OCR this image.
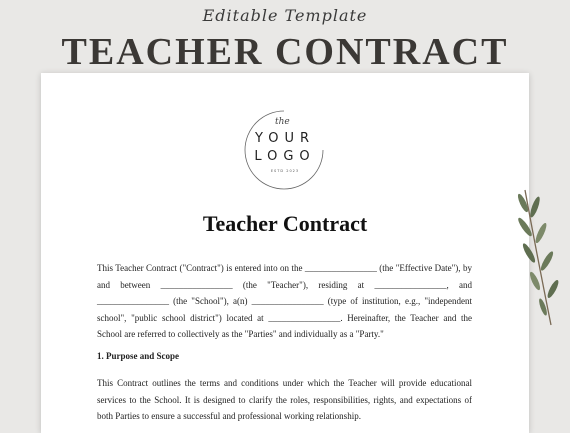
Editable Template
TEACHER CONTRACT
the
YOUR
LOGO
ESTD 2023
Teacher Contract

This Teacher Contract ("Contract") is entered into on the ________________ (the "Effective Date"), by and between ________________ (the "Teacher"), residing at ________________, and ________________ (the "School"), a(n) ________________ (type of institution, e.g., "independent school", "public school district") located at ________________. Hereinafter, the Teacher and the School are referred to collectively as the "Parties" and individually as a "Party."

1. Purpose and Scope

This Contract outlines the terms and conditions under which the Teacher will provide educational services to the School. It is designed to clarify the roles, responsibilities, rights, and expectations of both Parties to ensure a successful and professional working relationship.
